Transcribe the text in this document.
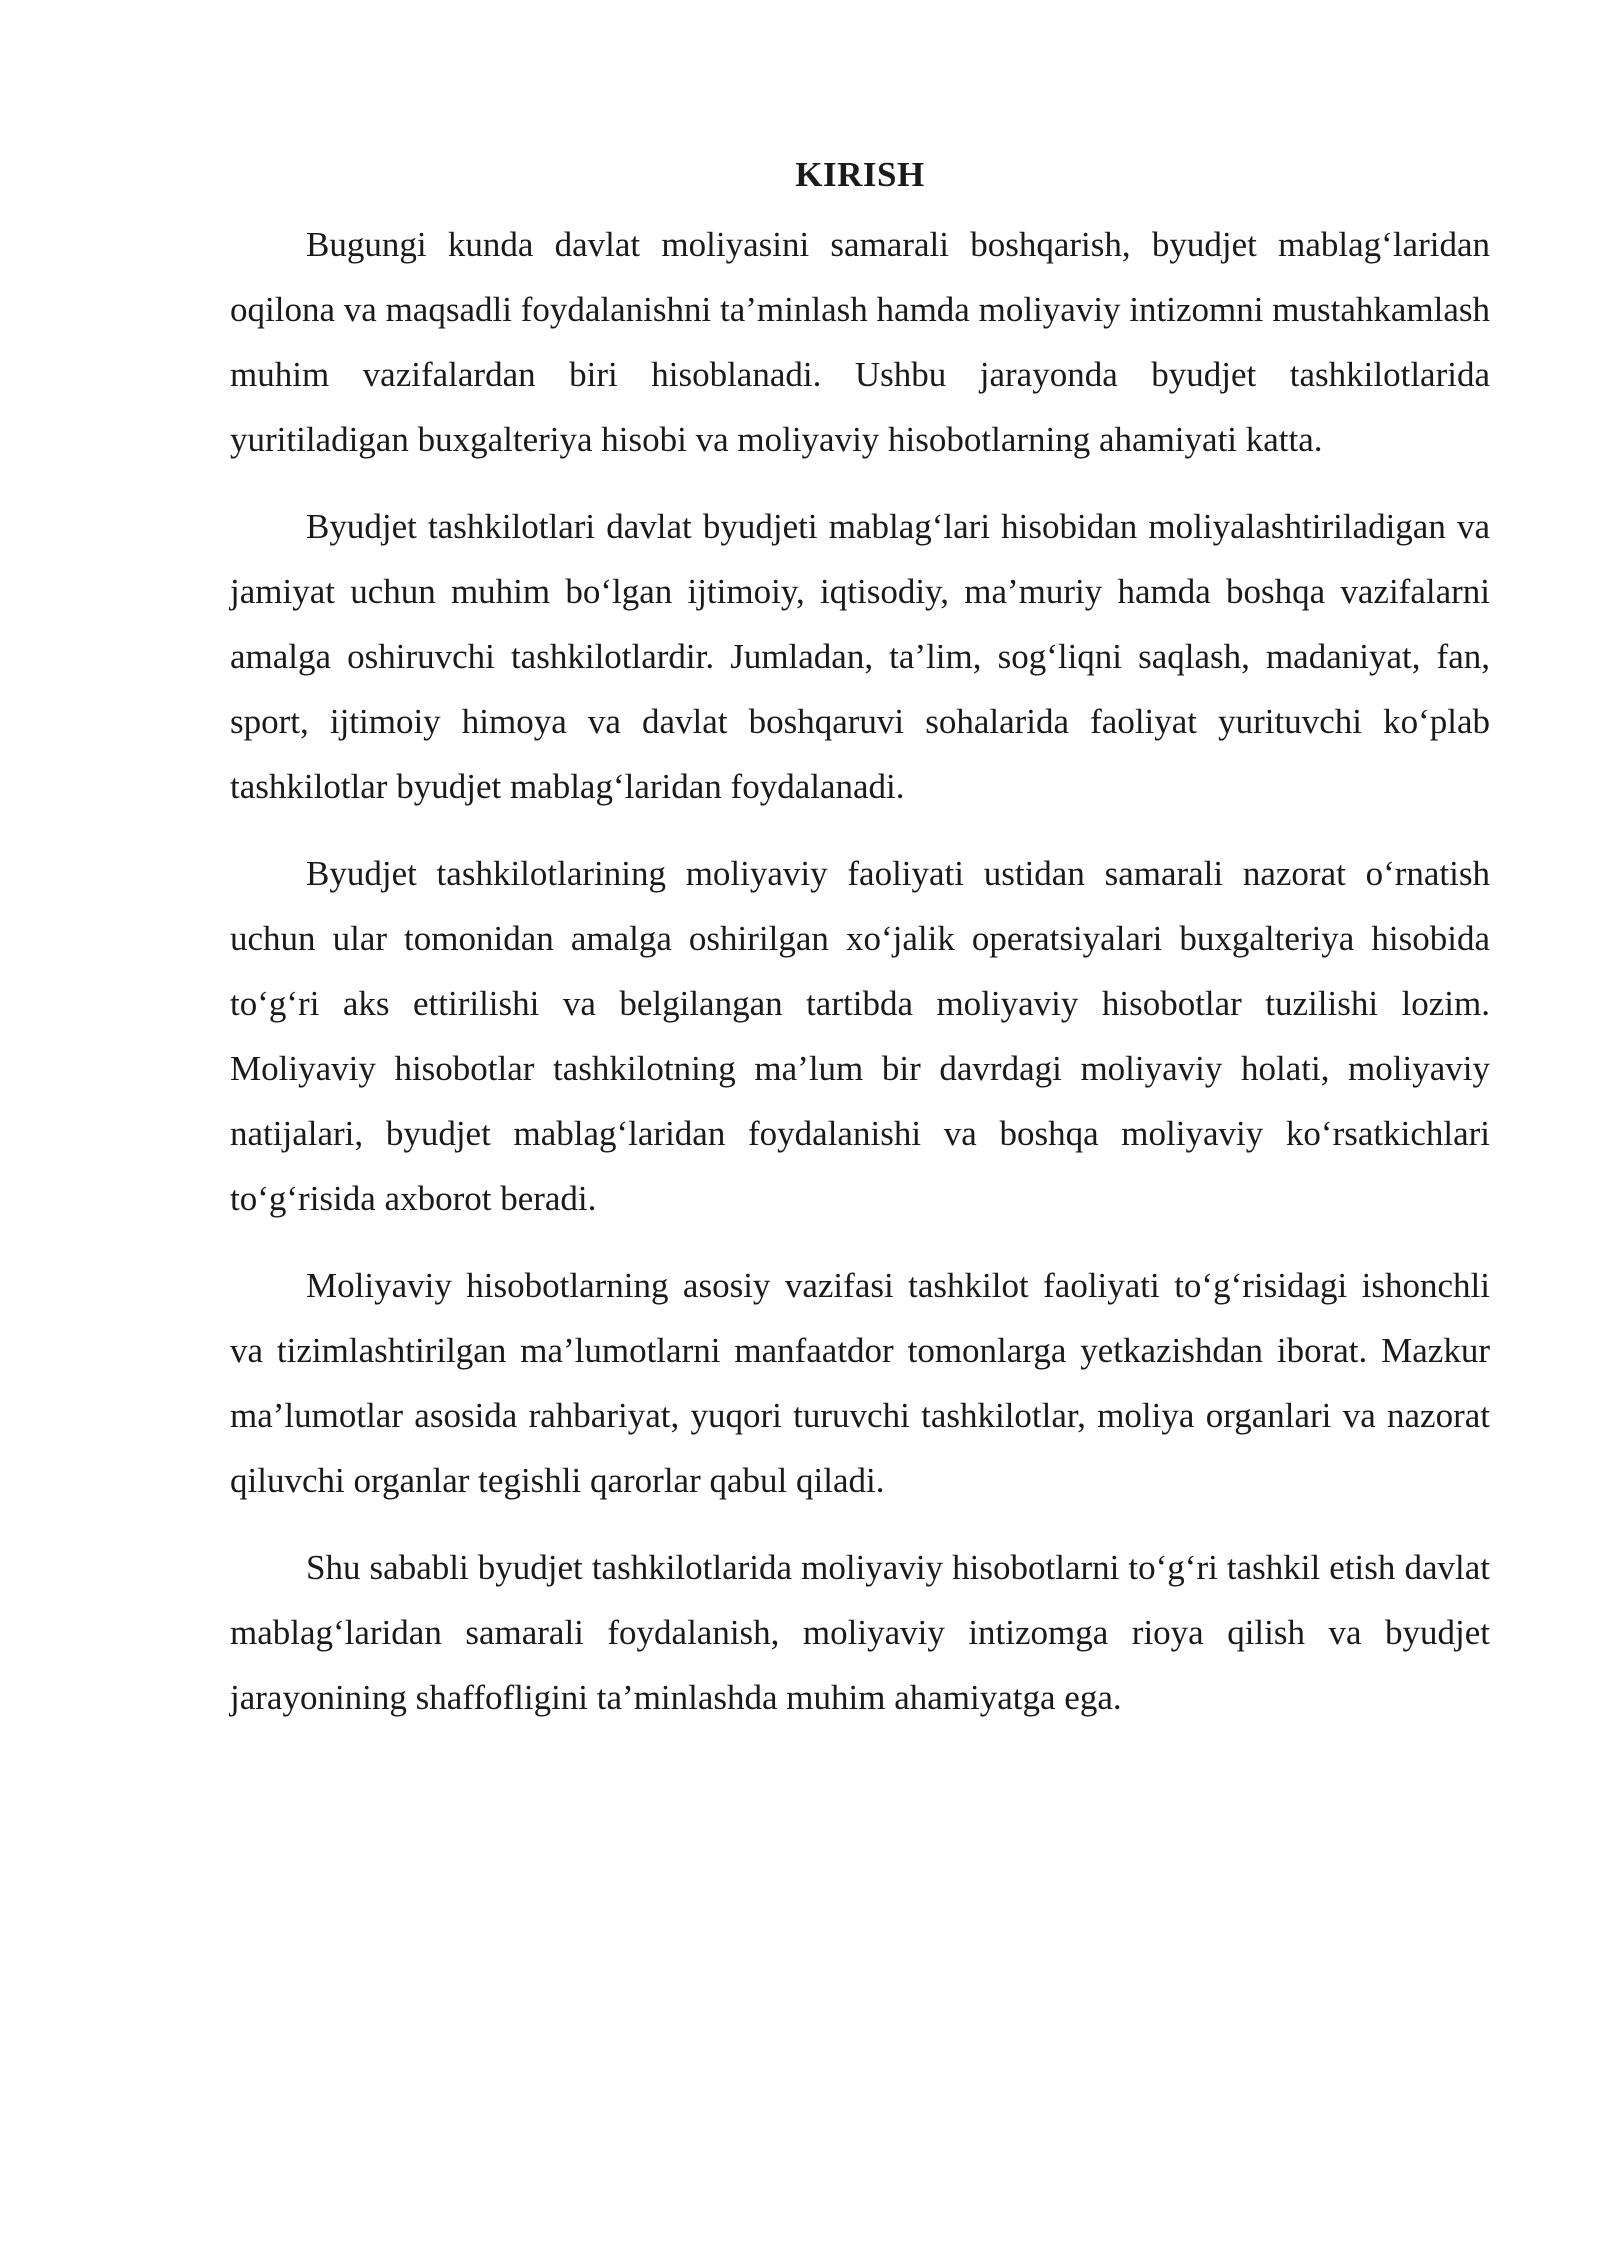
KIRISH

Bugungi kunda davlat moliyasini samarali boshqarish, byudjet mablag‘laridan oqilona va maqsadli foydalanishni ta’minlash hamda moliyaviy intizomni mustahkamlash muhim vazifalardan biri hisoblanadi. Ushbu jarayonda byudjet tashkilotlarida yuritiladigan buxgalteriya hisobi va moliyaviy hisobotlarning ahamiyati katta.

Byudjet tashkilotlari davlat byudjeti mablag‘lari hisobidan moliyalashtiriladigan va jamiyat uchun muhim bo‘lgan ijtimoiy, iqtisodiy, ma’muriy hamda boshqa vazifalarni amalga oshiruvchi tashkilotlardir. Jumladan, ta’lim, sog‘liqni saqlash, madaniyat, fan, sport, ijtimoiy himoya va davlat boshqaruvi sohalarida faoliyat yurituvchi ko‘plab tashkilotlar byudjet mablag‘laridan foydalanadi.

Byudjet tashkilotlarining moliyaviy faoliyati ustidan samarali nazorat o‘rnatish uchun ular tomonidan amalga oshirilgan xo‘jalik operatsiyalari buxgalteriya hisobida to‘g‘ri aks ettirilishi va belgilangan tartibda moliyaviy hisobotlar tuzilishi lozim. Moliyaviy hisobotlar tashkilotning ma’lum bir davrdagi moliyaviy holati, moliyaviy natijalari, byudjet mablag‘laridan foydalanishi va boshqa moliyaviy ko‘rsatkichlari to‘g‘risida axborot beradi.

Moliyaviy hisobotlarning asosiy vazifasi tashkilot faoliyati to‘g‘risidagi ishonchli va tizimlashtirilgan ma’lumotlarni manfaatdor tomonlarga yetkazishdan iborat. Mazkur ma’lumotlar asosida rahbariyat, yuqori turuvchi tashkilotlar, moliya organlari va nazorat qiluvchi organlar tegishli qarorlar qabul qiladi.

Shu sababli byudjet tashkilotlarida moliyaviy hisobotlarni to‘g‘ri tashkil etish davlat mablag‘laridan samarali foydalanish, moliyaviy intizomga rioya qilish va byudjet jarayonining shaffofligini ta’minlashda muhim ahamiyatga ega.
